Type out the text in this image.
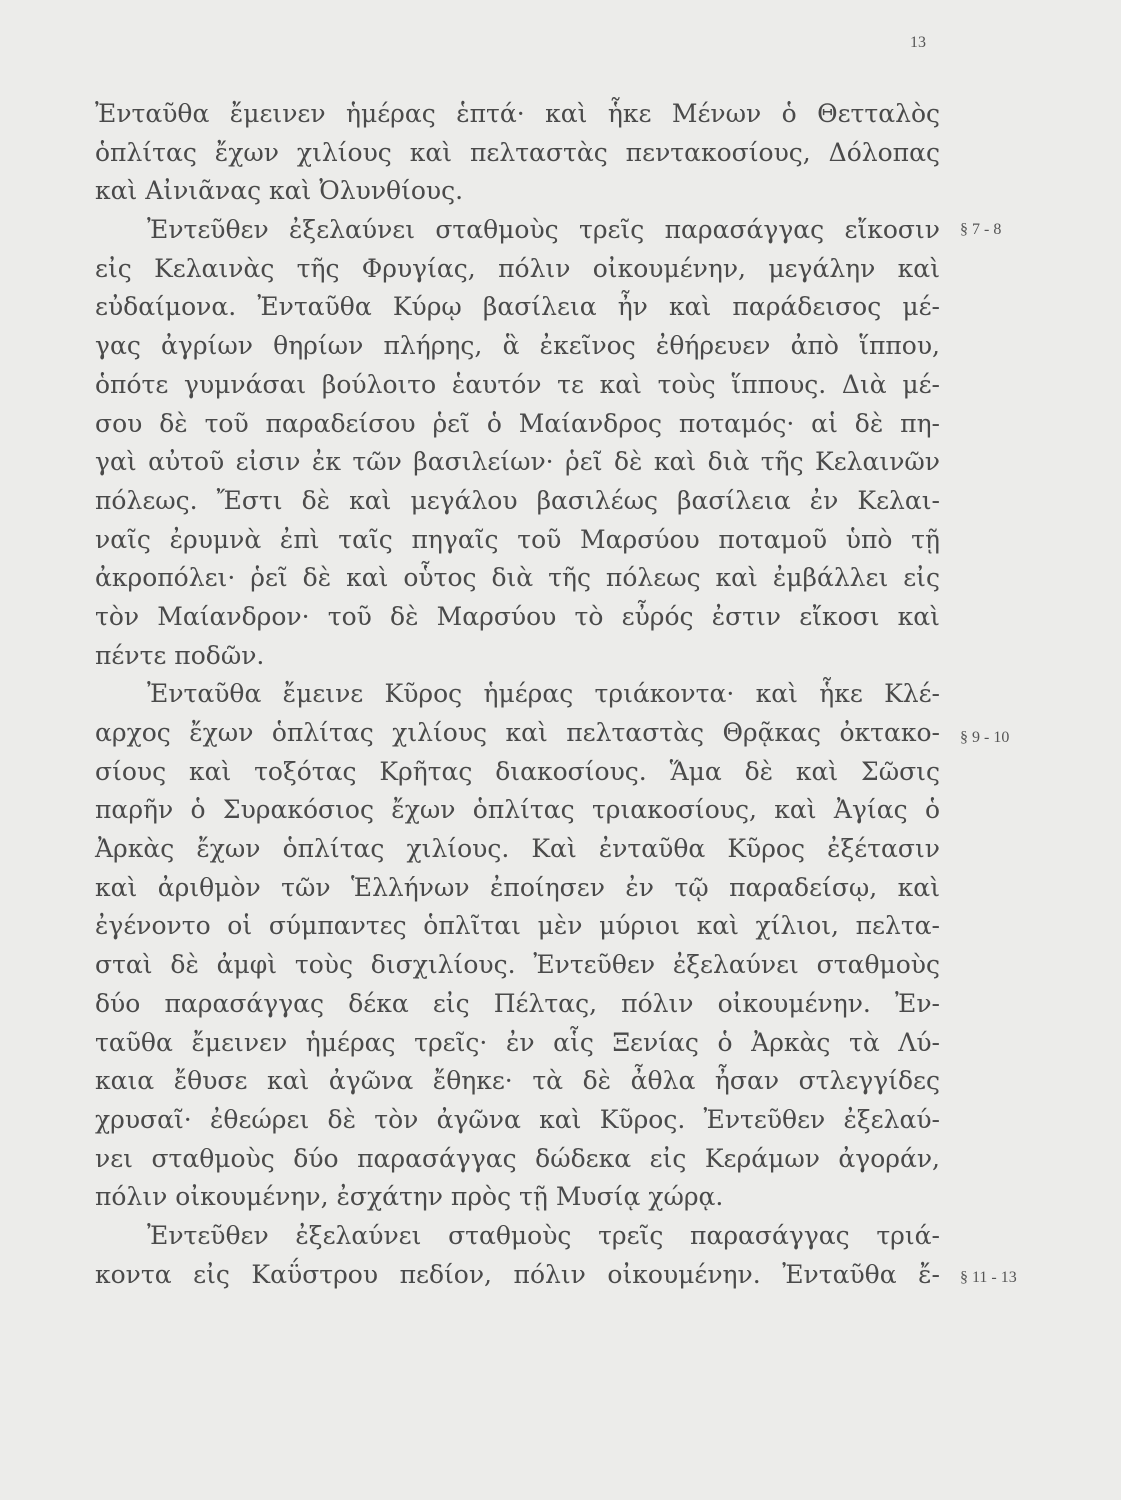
13
Ἐνταῦθα ἔμεινεν ἡμέρας ἑπτά· καὶ ἧκε Μένων ὁ Θετταλὸς
ὁπλίτας ἔχων χιλίους καὶ πελταστὰς πεντακοσίους, Δόλοπας
καὶ Αἰνιᾶνας καὶ Ὀλυνθίους.
Ἐντεῦθεν ἐξελαύνει σταθμοὺς τρεῖς παρασάγγας εἴκοσιν
εἰς Κελαινὰς τῆς Φρυγίας, πόλιν οἰκουμένην, μεγάλην καὶ
εὐδαίμονα. Ἐνταῦθα Κύρῳ βασίλεια ἦν καὶ παράδεισος μέ-
γας ἀγρίων θηρίων πλήρης, ἃ ἐκεῖνος ἐθήρευεν ἀπὸ ἵππου,
ὁπότε γυμνάσαι βούλοιτο ἑαυτόν τε καὶ τοὺς ἵππους. Διὰ μέ-
σου δὲ τοῦ παραδείσου ῥεῖ ὁ Μαίανδρος ποταμός· αἱ δὲ πη-
γαὶ αὐτοῦ εἰσιν ἐκ τῶν βασιλείων· ῥεῖ δὲ καὶ διὰ τῆς Κελαινῶν
πόλεως. Ἔστι δὲ καὶ μεγάλου βασιλέως βασίλεια ἐν Κελαι-
ναῖς ἐρυμνὰ ἐπὶ ταῖς πηγαῖς τοῦ Μαρσύου ποταμοῦ ὑπὸ τῇ
ἀκροπόλει· ῥεῖ δὲ καὶ οὗτος διὰ τῆς πόλεως καὶ ἐμβάλλει εἰς
τὸν Μαίανδρον· τοῦ δὲ Μαρσύου τὸ εὖρός ἐστιν εἴκοσι καὶ
πέντε ποδῶν.
Ἐνταῦθα ἔμεινε Κῦρος ἡμέρας τριάκοντα· καὶ ἧκε Κλέ-
αρχος ἔχων ὁπλίτας χιλίους καὶ πελταστὰς Θρᾷκας ὀκτακο-
σίους καὶ τοξότας Κρῆτας διακοσίους. Ἅμα δὲ καὶ Σῶσις
παρῆν ὁ Συρακόσιος ἔχων ὁπλίτας τριακοσίους, καὶ Ἀγίας ὁ
Ἀρκὰς ἔχων ὁπλίτας χιλίους. Καὶ ἐνταῦθα Κῦρος ἐξέτασιν
καὶ ἀριθμὸν τῶν Ἑλλήνων ἐποίησεν ἐν τῷ παραδείσῳ, καὶ
ἐγένοντο οἱ σύμπαντες ὁπλῖται μὲν μύριοι καὶ χίλιοι, πελτα-
σταὶ δὲ ἀμφὶ τοὺς δισχιλίους. Ἐντεῦθεν ἐξελαύνει σταθμοὺς
δύο παρασάγγας δέκα εἰς Πέλτας, πόλιν οἰκουμένην. Ἐν-
ταῦθα ἔμεινεν ἡμέρας τρεῖς· ἐν αἷς Ξενίας ὁ Ἀρκὰς τὰ Λύ-
καια ἔθυσε καὶ ἀγῶνα ἔθηκε· τὰ δὲ ἆθλα ἦσαν στλεγγίδες
χρυσαῖ· ἐθεώρει δὲ τὸν ἀγῶνα καὶ Κῦρος. Ἐντεῦθεν ἐξελαύ-
νει σταθμοὺς δύο παρασάγγας δώδεκα εἰς Κεράμων ἀγοράν,
πόλιν οἰκουμένην, ἐσχάτην πρὸς τῇ Μυσίᾳ χώρᾳ.
Ἐντεῦθεν ἐξελαύνει σταθμοὺς τρεῖς παρασάγγας τριά-
κοντα εἰς Καΰστρου πεδίον, πόλιν οἰκουμένην. Ἐνταῦθα ἔ-
§ 7 - 8
§ 9 - 10
§ 11 - 13
